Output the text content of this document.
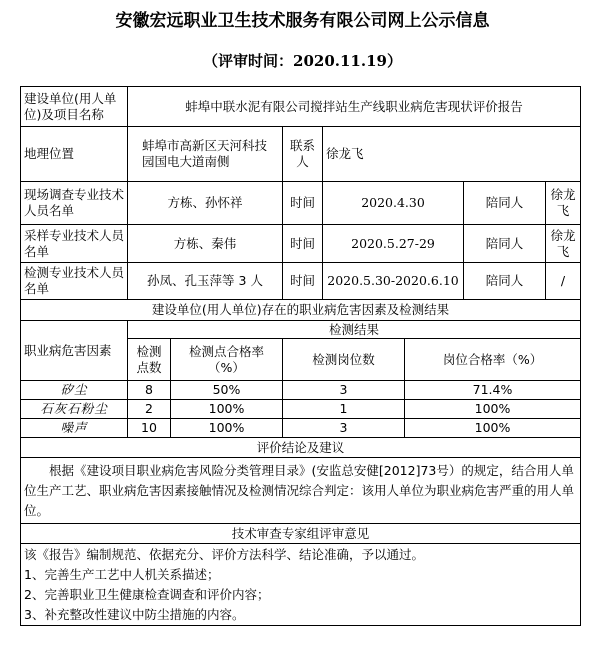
安徽宏远职业卫生技术服务有限公司网上公示信息
（评审时间：2020.11.19）
建设单位(用人单位)及项目名称	蚌埠中联水泥有限公司搅拌站生产线职业病危害现状评价报告						
地理位置	蚌埠市高新区天河科技园国电大道南侧		联系人	徐龙飞			
现场调查专业技术人员名单	方栋、孙怀祥		时间	2020.4.30		陪同人	徐龙飞
采样专业技术人员名单	方栋、秦伟		时间	2020.5.27-29		陪同人	徐龙飞
检测专业技术人员名单	孙凤、孔玉萍等 3 人		时间	2020.5.30-2020.6.10		陪同人	/
建设单位(用人单位)存在的职业病危害因素及检测结果							
职业病危害因素	检测结果						
	检测点数	检测点合格率（%）	检测岗位数		岗位合格率（%）		
矽尘	8	50%	3		71.4%		
石灰石粉尘	2	100%	1		100%		
噪声	10	100%	3		100%		
评价结论及建议							
根据《建设项目职业病危害风险分类管理目录》(安监总安健[2012]73号）的规定，结合用人单位生产工艺、职业病危害因素接触情况及检测情况综合判定：该用人单位为职业病危害严重的用人单位。							
技术审查专家组评审意见							

该《报告》编制规范、依据充分、评价方法科学、结论准确，予以通过。
1、完善生产工艺中人机关系描述；
2、完善职业卫生健康检查调查和评价内容；
3、补充整改性建议中防尘措施的内容。							
